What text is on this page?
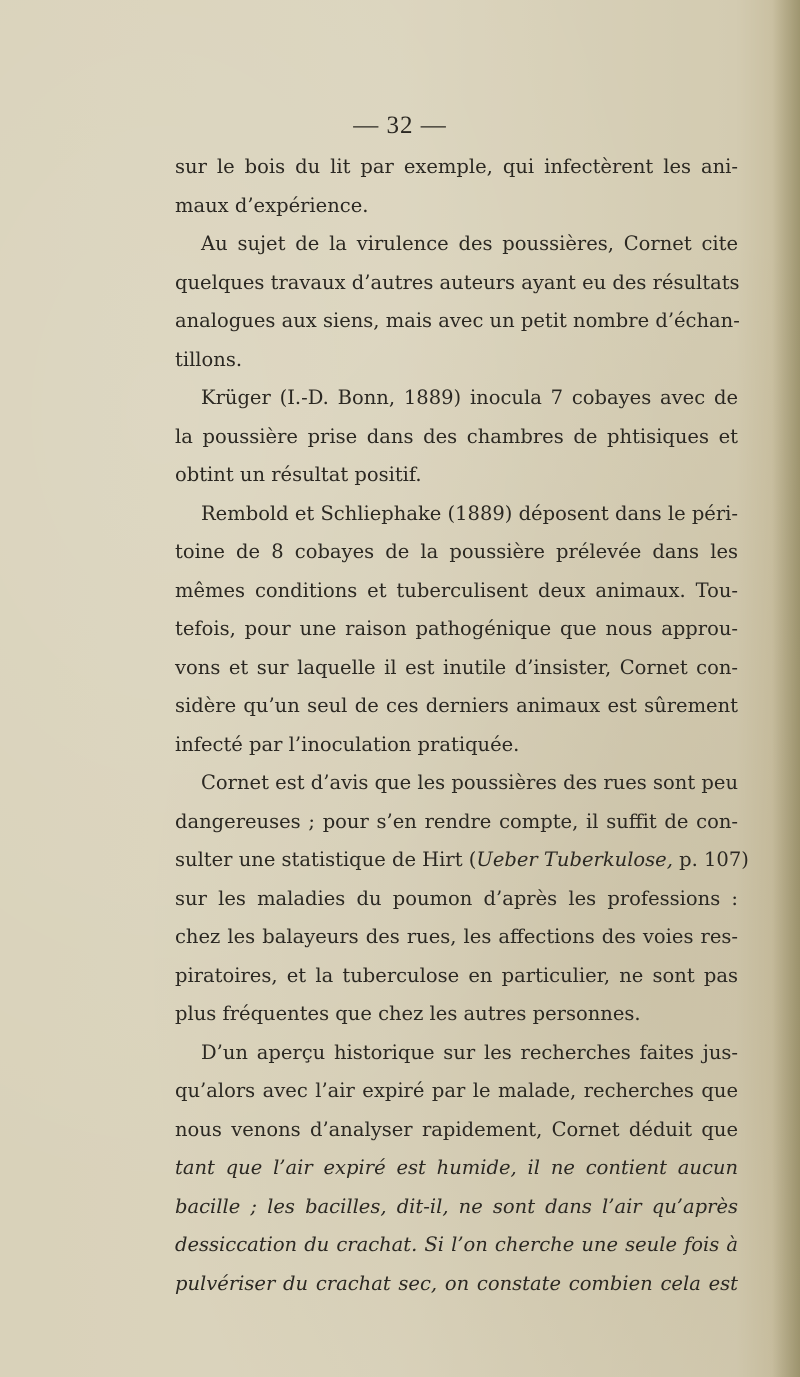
— 32 —
sur le bois du lit par exemple, qui infectèrent les ani-
maux d’expérience.
Au sujet de la virulence des poussières, Cornet cite
quelques travaux d’autres auteurs ayant eu des résultats
analogues aux siens, mais avec un petit nombre d’échan-
tillons.
Krüger (I.-D. Bonn, 1889) inocula 7 cobayes avec de
la poussière prise dans des chambres de phtisiques et
obtint un résultat positif.
Rembold et Schliephake (1889) déposent dans le péri-
toine de 8 cobayes de la poussière prélevée dans les
mêmes conditions et tuberculisent deux animaux. Tou-
tefois, pour une raison pathogénique que nous approu-
vons et sur laquelle il est inutile d’insister, Cornet con-
sidère qu’un seul de ces derniers animaux est sûrement
infecté par l’inoculation pratiquée.
Cornet est d’avis que les poussières des rues sont peu
dangereuses ; pour s’en rendre compte, il suffit de con-
sulter une statistique de Hirt (Ueber Tuberkulose, p. 107)
sur les maladies du poumon d’après les professions :
chez les balayeurs des rues, les affections des voies res-
piratoires, et la tuberculose en particulier, ne sont pas
plus fréquentes que chez les autres personnes.
D’un aperçu historique sur les recherches faites jus-
qu’alors avec l’air expiré par le malade, recherches que
nous venons d’analyser rapidement, Cornet déduit que
tant que l’air expiré est humide, il ne contient aucun
bacille ; les bacilles, dit-il, ne sont dans l’air qu’après
dessiccation du crachat. Si l’on cherche une seule fois à
pulvériser du crachat sec, on constate combien cela est
